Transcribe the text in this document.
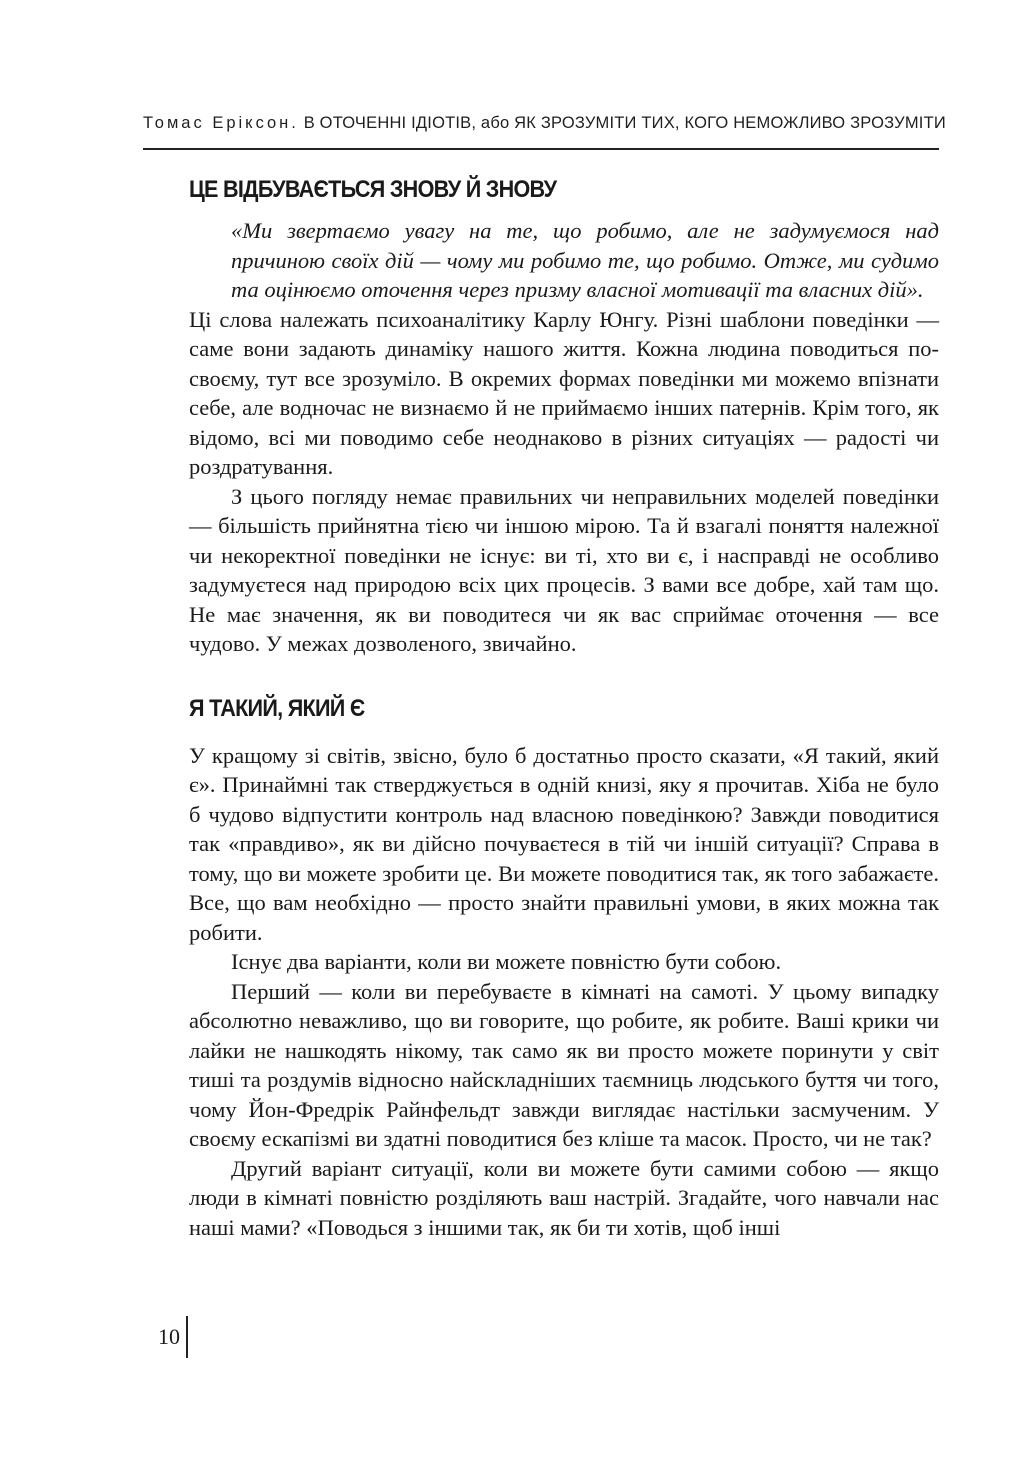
Томас Еріксон. В ОТОЧЕННІ ІДІОТІВ, або ЯК ЗРОЗУМІТИ ТИХ, КОГО НЕМОЖЛИВО ЗРОЗУМІТИ
ЦЕ ВІДБУВАЄТЬСЯ ЗНОВУ Й ЗНОВУ
«Ми звертаємо увагу на те, що робимо, але не задумуємося над причиною своїх дій — чому ми робимо те, що робимо. Отже, ми судимо та оцінюємо оточення через призму власної мотивації та власних дій».

Ці слова належать психоаналітику Карлу Юнгу. Різні шаблони поведінки — саме вони задають динаміку нашого життя. Кожна людина поводиться по-своєму, тут все зрозуміло. В окремих формах поведінки ми можемо впізнати себе, але водночас не визнаємо й не приймаємо інших патернів. Крім того, як відомо, всі ми поводимо себе неоднаково в різних ситуаціях — радості чи роздратування.

З цього погляду немає правильних чи неправильних моделей поведінки — більшість прийнятна тією чи іншою мірою. Та й взагалі поняття належної чи некоректної поведінки не існує: ви ті, хто ви є, і насправді не особливо задумуєтеся над природою всіх цих процесів. З вами все добре, хай там що. Не має значення, як ви поводитеся чи як вас сприймає оточення — все чудово. У межах дозволеного, звичайно.

Я ТАКИЙ, ЯКИЙ Є

У кращому зі світів, звісно, було б достатньо просто сказати, «Я такий, який є». Принаймні так стверджується в одній книзі, яку я прочитав. Хіба не було б чудово відпустити контроль над власною поведінкою? Завжди поводитися так «правдиво», як ви дійсно почуваєтеся в тій чи іншій ситуації? Справа в тому, що ви можете зробити це. Ви можете поводитися так, як того забажаєте. Все, що вам необхідно — просто знайти правильні умови, в яких можна так робити.

Існує два варіанти, коли ви можете повністю бути собою.

Перший — коли ви перебуваєте в кімнаті на самоті. У цьому випадку абсолютно неважливо, що ви говорите, що робите, як робите. Ваші крики чи лайки не нашкодять нікому, так само як ви просто можете поринути у світ тиші та роздумів відносно найскладніших таємниць людського буття чи того, чому Йон-Фредрік Райнфельдт завжди виглядає настільки засмученим. У своєму ескапізмі ви здатні поводитися без кліше та масок. Просто, чи не так?

Другий варіант ситуації, коли ви можете бути самими собою — якщо люди в кімнаті повністю розділяють ваш настрій. Згадайте, чого навчали нас наші мами? «Поводься з іншими так, як би ти хотів, щоб інші

10
